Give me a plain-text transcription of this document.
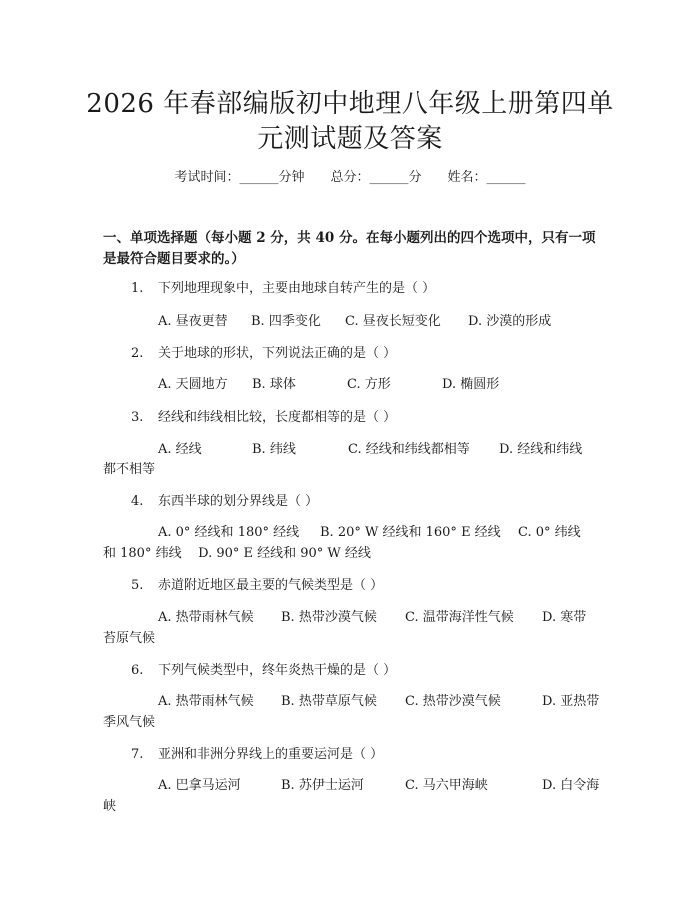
2026 年春部编版初中地理八年级上册第四单
元测试题及答案
考试时间：______分钟 总分：______分 姓名：______
一、单项选择题（每小题 2 分，共 40 分。在每小题列出的四个选项中，只有一项
是最符合题目要求的。）
1. 下列地理现象中，主要由地球自转产生的是（ ）
A. 昼夜更替 B. 四季变化 C. 昼夜长短变化 D. 沙漠的形成
2. 关于地球的形状，下列说法正确的是（ ）
A. 天圆地方 B. 球体	C. 方形	D. 椭圆形
3. 经线和纬线相比较，长度都相等的是（ ）
A. 经线	B. 纬线	C. 经线和纬线都相等 D. 经线和纬线
都不相等
4. 东西半球的划分界线是（ ）
A. 0° 经线和 180° 经线 B. 20° W 经线和 160° E 经线 C. 0° 纬线
和 180° 纬线    D. 90° E 经线和 90° W 经线
5. 赤道附近地区最主要的气候类型是（ ）
A. 热带雨林气候 B. 热带沙漠气候 C. 温带海洋性气候 D. 寒带
苔原气候
6. 下列气候类型中，终年炎热干燥的是（ ）
A. 热带雨林气候 B. 热带草原气候 C. 热带沙漠气候	D. 亚热带
季风气候
7. 亚洲和非洲分界线上的重要运河是（ ）
A. 巴拿马运河	B. 苏伊士运河	C. 马六甲海峡	D. 白令海
峡
